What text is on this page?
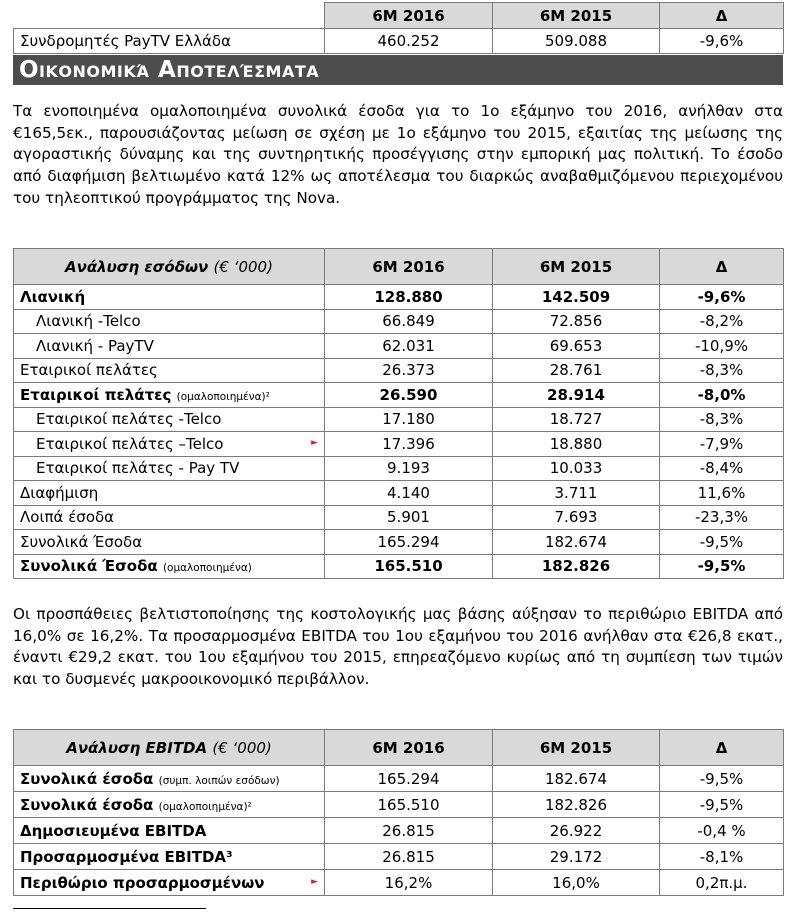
	6M 2016	6M 2015	Δ
Συνδρομητές PayTV Ελλάδα	460.252	509.088	-9,6%
Οικονομικά Αποτελέσματα
Τα ενοποιημένα ομαλοποιημένα συνολικά έσοδα για το 1ο εξάμηνο του 2016, ανήλθαν στα €165,5εκ., παρουσιάζοντας μείωση σε σχέση με 1ο εξάμηνο του 2015, εξαιτίας της μείωσης της αγοραστικής δύναμης και της συντηρητικής προσέγγισης στην εμπορική μας πολιτική. Το έσοδο από διαφήμιση βελτιωμένο κατά 12% ως αποτέλεσμα του διαρκώς αναβαθμιζόμενου περιεχομένου του τηλεοπτικού προγράμματος της Nova.
Ανάλυση εσόδων (€ ‘000)	6M 2016	6M 2015	Δ
Λιανική	128.880	142.509	-9,6%
Λιανική -Telco	66.849	72.856	-8,2%
Λιανική - PayTV	62.031	69.653	-10,9%
Εταιρικοί πελάτες	26.373	28.761	-8,3%
Εταιρικοί πελάτες (ομαλοποιημένα)²	26.590	28.914	-8,0%
Εταιρικοί πελάτες -Telco	17.180	18.727	-8,3%
Εταιρικοί πελάτες –Telco ►	17.396	18.880	-7,9%
Εταιρικοί πελάτες - Pay TV	9.193	10.033	-8,4%
Διαφήμιση	4.140	3.711	11,6%
Λοιπά έσοδα	5.901	7.693	-23,3%
Συνολικά Έσοδα	165.294	182.674	-9,5%
Συνολικά Έσοδα (ομαλοποιημένα)	165.510	182.826	-9,5%
Οι προσπάθειες βελτιστοποίησης της κοστολογικής μας βάσης αύξησαν το περιθώριο EBITDA από 16,0% σε 16,2%. Τα προσαρμοσμένα EBITDA του 1ου εξαμήνου του 2016 ανήλθαν στα €26,8 εκατ., έναντι €29,2 εκατ. του 1ου εξαμήνου του 2015, επηρεαζόμενο κυρίως από τη συμπίεση των τιμών και το δυσμενές μακροοικονομικό περιβάλλον.
Ανάλυση EBITDA (€ ‘000)	6M 2016	6M 2015	Δ
Συνολικά έσοδα (συμπ. λοιπών εσόδων)	165.294	182.674	-9,5%
Συνολικά έσοδα (ομαλοποιημένα)²	165.510	182.826	-9,5%
Δημοσιευμένα EBITDA	26.815	26.922	-0,4 %
Προσαρμοσμένα EBITDA³	26.815	29.172	-8,1%
Περιθώριο προσαρμοσμένων ►	16,2%	16,0%	0,2π.μ.
